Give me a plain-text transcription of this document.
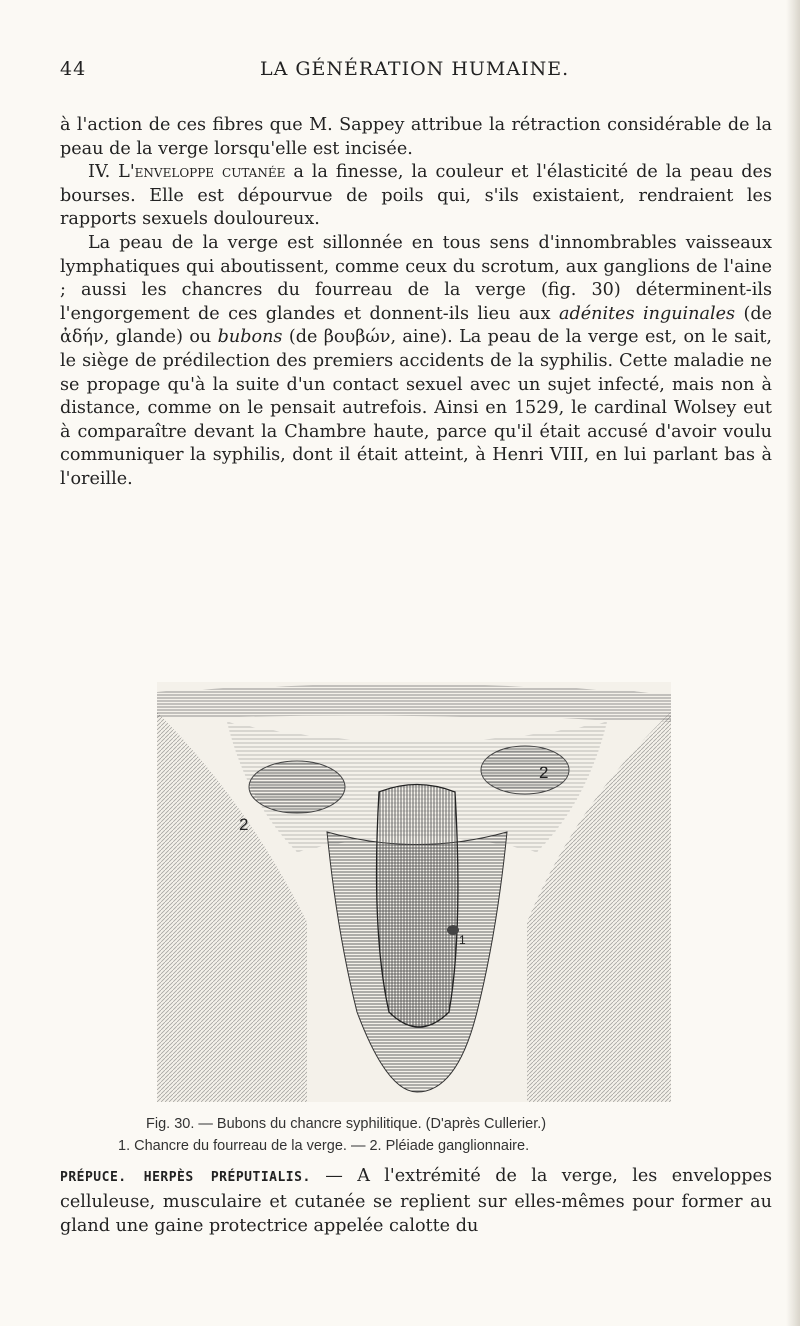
44	LA GÉNÉRATION HUMAINE.

à l'action de ces fibres que M. Sappey attribue la rétraction considérable de la peau de la verge lorsqu'elle est incisée.

IV. L'enveloppe cutanée a la finesse, la couleur et l'élasticité de la peau des bourses. Elle est dépourvue de poils qui, s'ils existaient, rendraient les rapports sexuels douloureux.

La peau de la verge est sillonnée en tous sens d'innombrables vaisseaux lymphatiques qui aboutissent, comme ceux du scrotum, aux ganglions de l'aine ; aussi les chancres du fourreau de la verge (fig. 30) déterminent-ils l'engorgement de ces glandes et donnent-ils lieu aux adénites inguinales (de ἀδήν, glande) ou bubons (de βουβών, aine). La peau de la verge est, on le sait, le siège de prédilection des premiers accidents de la syphilis. Cette maladie ne se propage qu'à la suite d'un contact sexuel avec un sujet infecté, mais non à distance, comme on le pensait autrefois. Ainsi en 1529, le cardinal Wolsey eut à comparaître devant la Chambre haute, parce qu'il était accusé d'avoir voulu communiquer la syphilis, dont il était atteint, à Henri VIII, en lui parlant bas à l'oreille.

2
2
1
Fig. 30. — Bubons du chancre syphilitique. (D'après Cullerier.)
1. Chancre du fourreau de la verge. — 2. Pléiade ganglionnaire.
PRÉPUCE. HERPÈS PRÉPUTIALIS. — A l'extrémité de la verge, les enveloppes celluleuse, musculaire et cutanée se replient sur elles-mêmes pour former au gland une gaine protectrice appelée calotte du
